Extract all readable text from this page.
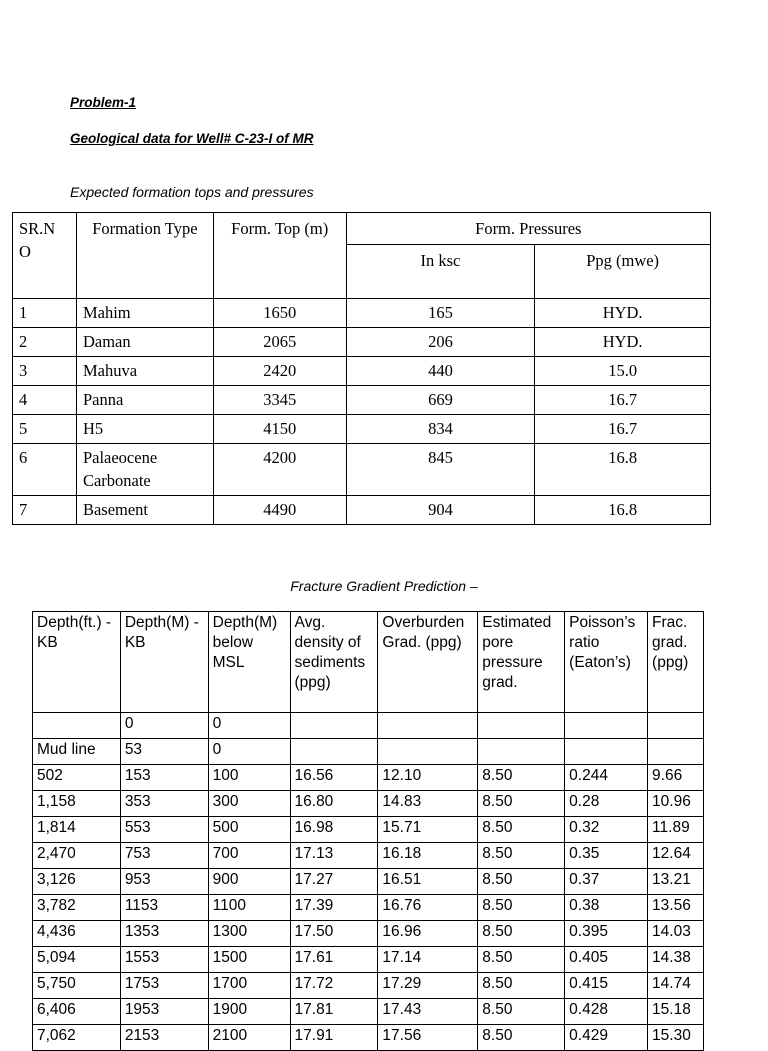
Problem-1
Geological data for Well# C-23-I of MR
Expected formation tops and pressures
SR.N O	Formation Type	Form. Top (m)	Form. Pressures	
			In ksc	Ppg (mwe)
1	Mahim	1650	165	HYD.
2	Daman	2065	206	HYD.
3	Mahuva	2420	440	15.0
4	Panna	3345	669	16.7
5	H5	4150	834	16.7
6	Palaeocene Carbonate	4200	845	16.8
7	Basement	4490	904	16.8
Fracture Gradient Prediction –
Depth(ft.) - KB	Depth(M) -KB	Depth(M) below MSL	Avg. density of sediments (ppg)	Overburden Grad. (ppg)	Estimated pore pressure grad.	Poisson’s ratio (Eaton’s)	Frac. grad. (ppg)
	0	0					
Mud line	53	0					
502	153	100	16.56	12.10	8.50	0.244	9.66
1,158	353	300	16.80	14.83	8.50	0.28	10.96
1,814	553	500	16.98	15.71	8.50	0.32	11.89
2,470	753	700	17.13	16.18	8.50	0.35	12.64
3,126	953	900	17.27	16.51	8.50	0.37	13.21
3,782	1153	1100	17.39	16.76	8.50	0.38	13.56
4,436	1353	1300	17.50	16.96	8.50	0.395	14.03
5,094	1553	1500	17.61	17.14	8.50	0.405	14.38
5,750	1753	1700	17.72	17.29	8.50	0.415	14.74
6,406	1953	1900	17.81	17.43	8.50	0.428	15.18
7,062	2153	2100	17.91	17.56	8.50	0.429	15.30
